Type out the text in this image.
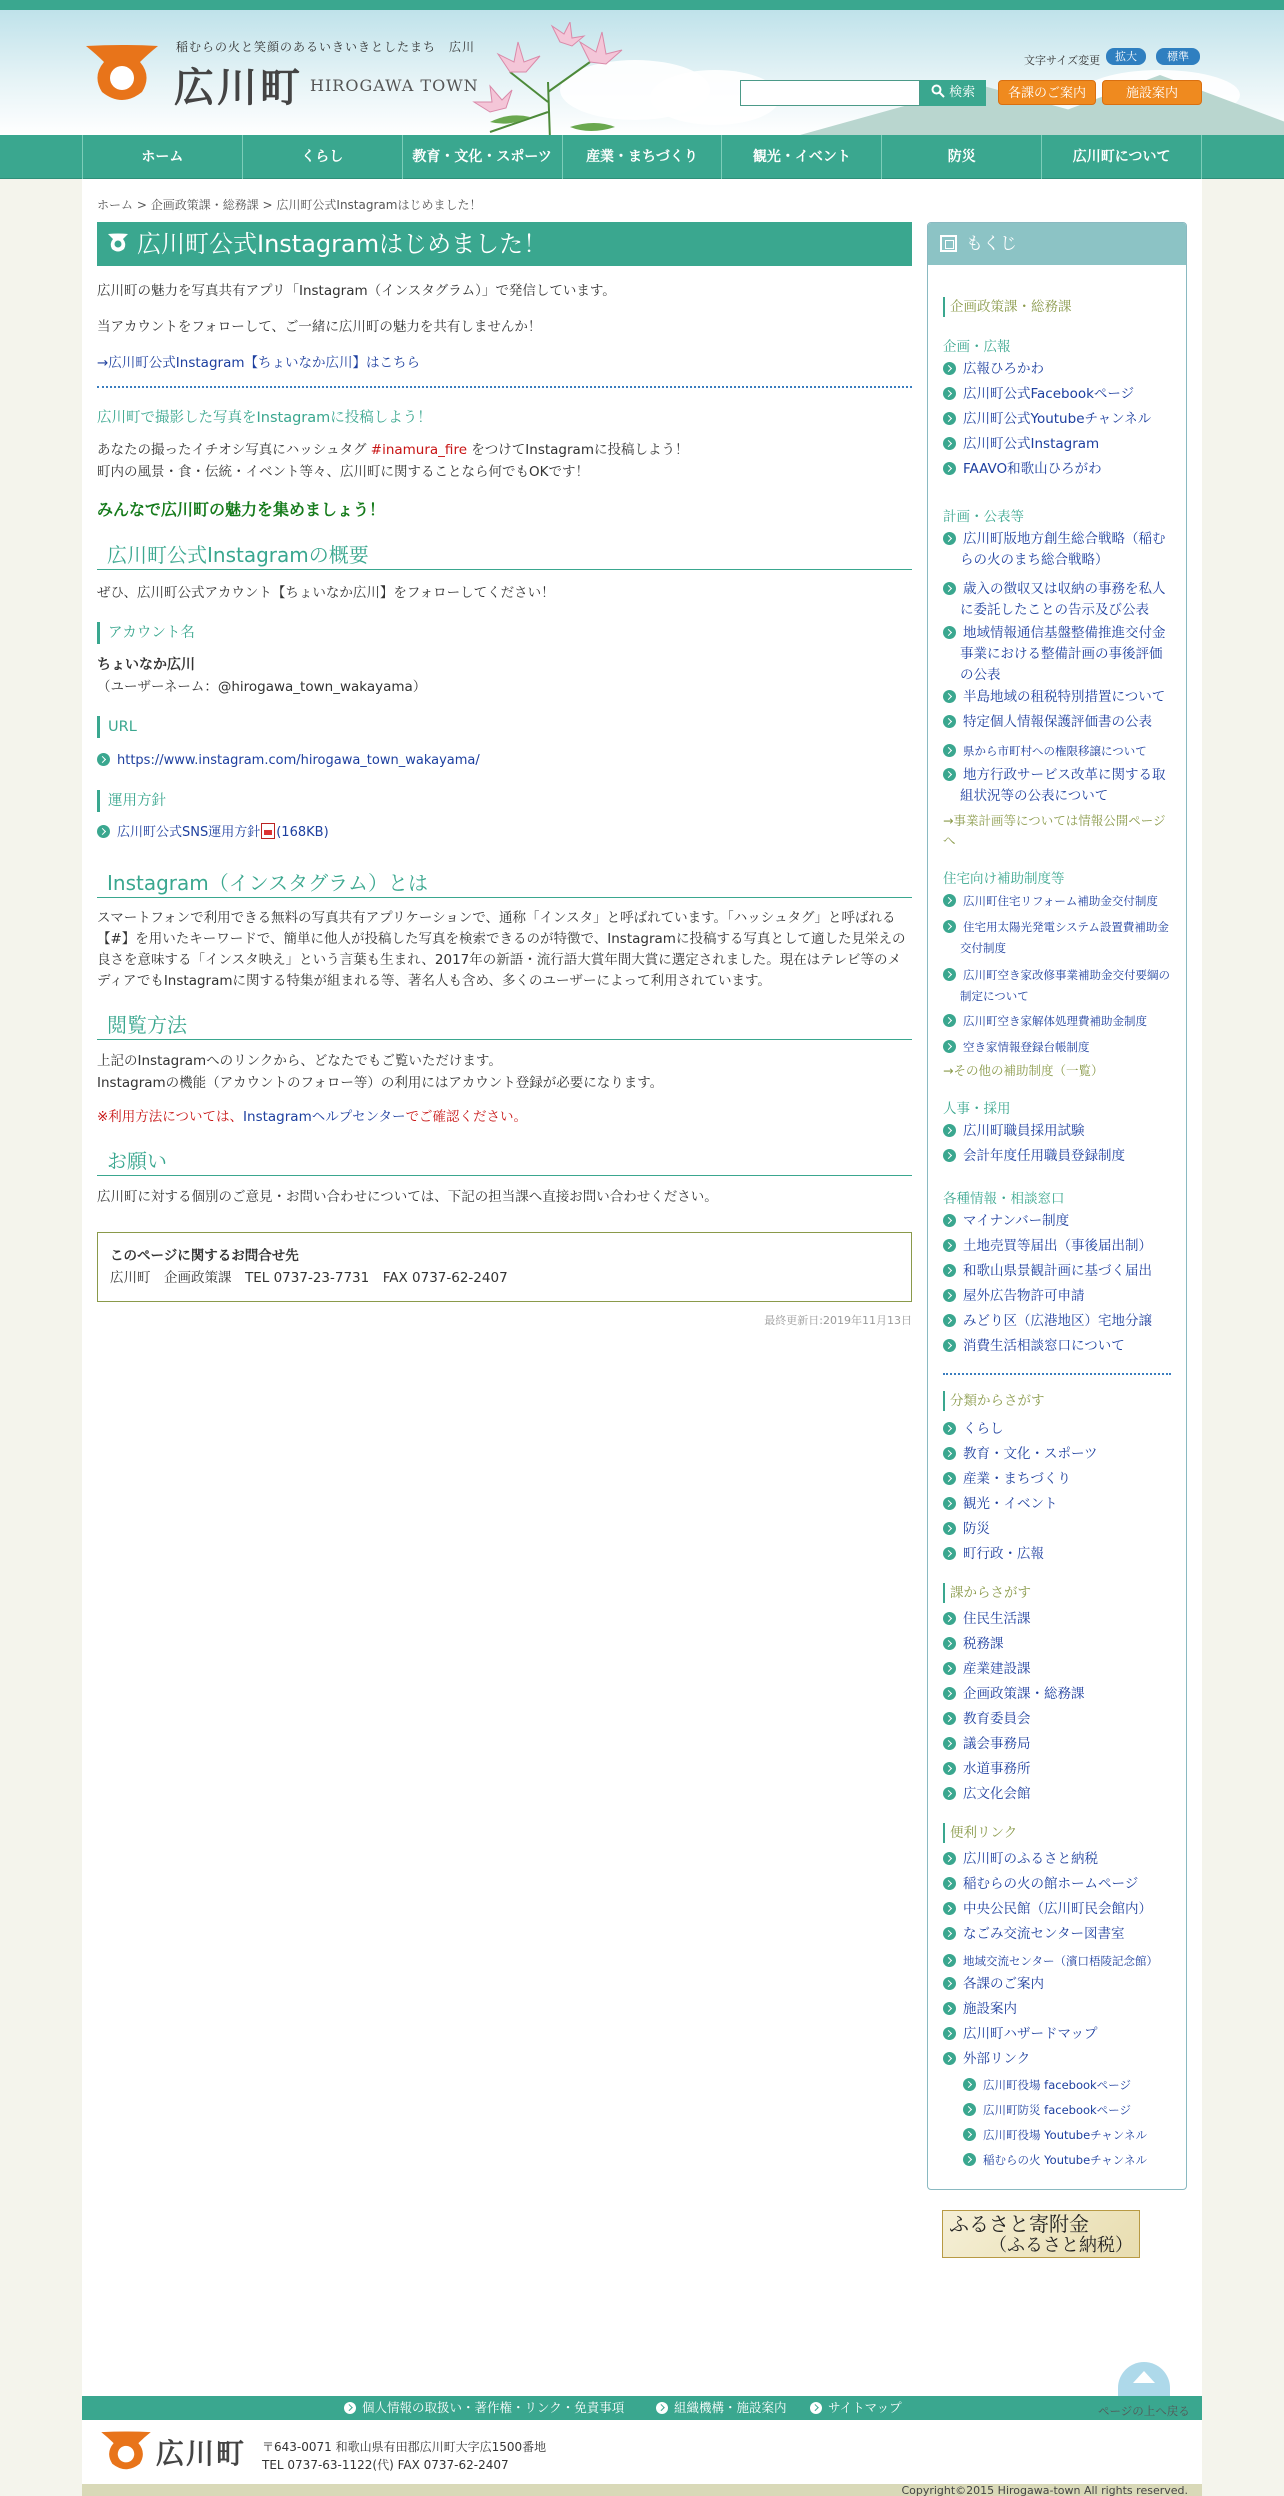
稲むらの火と笑顔のあるいきいきとしたまち　広川
広川町 HIROGAWA TOWN
文字サイズ変更	拡大	標準
検索	各課のご案内	施設案内
ホーム	くらし	教育・文化・スポーツ	産業・まちづくり	観光・イベント	防災	広川町について
ホーム > 企画政策課・総務課 > 広川町公式Instagramはじめました！
広川町公式Instagramはじめました！
広川町の魅力を写真共有アプリ「Instagram（インスタグラム）」で発信しています。
当アカウントをフォローして、ご一緒に広川町の魅力を共有しませんか！
→広川町公式Instagram【ちょいなか広川】はこちら
広川町で撮影した写真をInstagramに投稿しよう！
あなたの撮ったイチオシ写真にハッシュタグ #inamura_fire をつけてInstagramに投稿しよう！
町内の風景・食・伝統・イベント等々、広川町に関することなら何でもOKです！
みんなで広川町の魅力を集めましょう！
広川町公式Instagramの概要
ぜひ、広川町公式アカウント【ちょいなか広川】をフォローしてください！
アカウント名
ちょいなか広川
（ユーザーネーム：@hirogawa_town_wakayama）
URL
https://www.instagram.com/hirogawa_town_wakayama/
運用方針
広川町公式SNS運用方針 (168KB)
Instagram（インスタグラム）とは
スマートフォンで利用できる無料の写真共有アプリケーションで、通称「インスタ」と呼ばれています。「ハッシュタグ」と呼ばれる【#】を用いたキーワードで、簡単に他人が投稿した写真を検索できるのが特徴で、Instagramに投稿する写真として適した見栄えの良さを意味する「インスタ映え」という言葉も生まれ、2017年の新語・流行語大賞年間大賞に選定されました。現在はテレビ等のメディアでもInstagramに関する特集が組まれる等、著名人も含め、多くのユーザーによって利用されています。
閲覧方法
上記のInstagramへのリンクから、どなたでもご覧いただけます。
Instagramの機能（アカウントのフォロー等）の利用にはアカウント登録が必要になります。
※利用方法については、Instagramヘルプセンターでご確認ください。
お願い
広川町に対する個別のご意見・お問い合わせについては、下記の担当課へ直接お問い合わせください。
このページに関するお問合せ先
広川町　企画政策課　TEL 0737-23-7731　FAX 0737-62-2407
最終更新日:2019年11月13日
もくじ
企画政策課・総務課
企画・広報
広報ひろかわ
広川町公式Facebookページ
広川町公式Youtubeチャンネル
広川町公式Instagram
FAAVO和歌山ひろがわ
計画・公表等
広川町版地方創生総合戦略（稲むらの火のまち総合戦略）
歳入の徴収又は収納の事務を私人に委託したことの告示及び公表
地域情報通信基盤整備推進交付金事業における整備計画の事後評価の公表
半島地域の租税特別措置について
特定個人情報保護評価書の公表
県から市町村への権限移譲について
地方行政サービス改革に関する取組状況等の公表について
→事業計画等については情報公開ページへ
住宅向け補助制度等
広川町住宅リフォーム補助金交付制度
住宅用太陽光発電システム設置費補助金交付制度
広川町空き家改修事業補助金交付要綱の制定について
広川町空き家解体処理費補助金制度
空き家情報登録台帳制度
→その他の補助制度（一覧）
人事・採用
広川町職員採用試験
会計年度任用職員登録制度
各種情報・相談窓口
マイナンバー制度
土地売買等届出（事後届出制）
和歌山県景観計画に基づく届出
屋外広告物許可申請
みどり区（広港地区）宅地分譲
消費生活相談窓口について
分類からさがす
くらし
教育・文化・スポーツ
産業・まちづくり
観光・イベント
防災
町行政・広報
課からさがす
住民生活課
税務課
産業建設課
企画政策課・総務課
教育委員会
議会事務局
水道事務所
広文化会館
便利リンク
広川町のふるさと納税
稲むらの火の館ホームページ
中央公民館（広川町民会館内）
なごみ交流センター図書室
地域交流センター（濱口梧陵記念館）
各課のご案内
施設案内
広川町ハザードマップ
外部リンク
広川町役場 facebookページ
広川町防災 facebookページ
広川町役場 Youtubeチャンネル
稲むらの火 Youtubeチャンネル
ふるさと寄附金
（ふるさと納税）
個人情報の取扱い・著作権・リンク・免責事項	組織機構・施設案内	サイトマップ	ページの上へ戻る
広川町 〒643-0071 和歌山県有田郡広川町大字広1500番地
TEL 0737-63-1122(代) FAX 0737-62-2407
Copyright©2015 Hirogawa-town All rights reserved.
